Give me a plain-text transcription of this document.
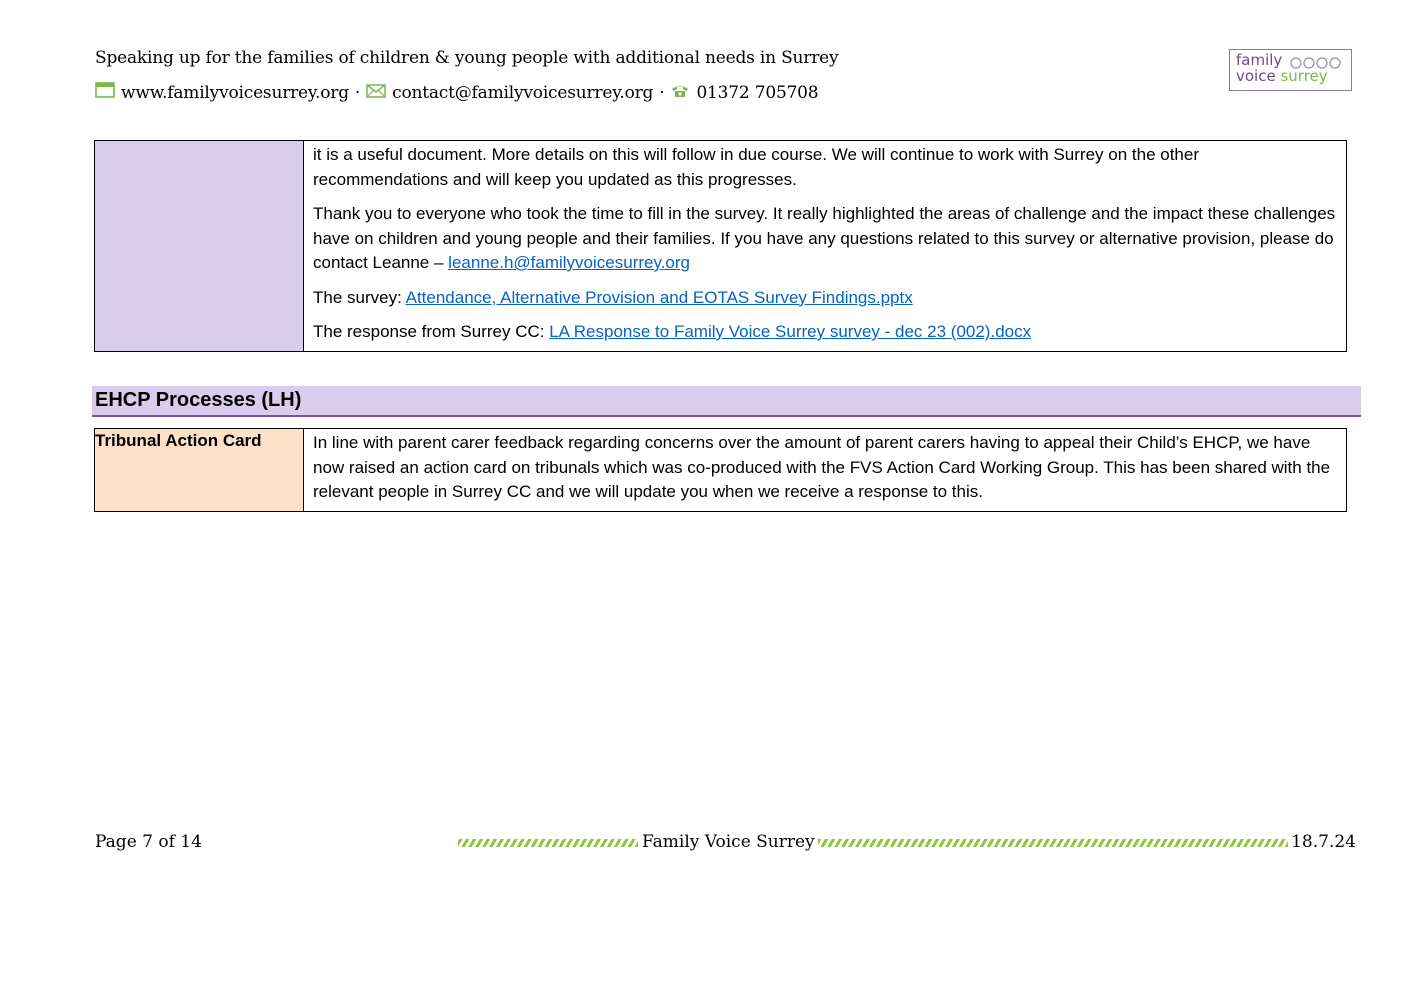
Speaking up for the families of children & young people with additional needs in Surrey
www.familyvoicesurrey.org · contact@familyvoicesurrey.org · 01372 705708
family
voice surrey

it is a useful document. More details on this will follow in due course. We will continue to work with Surrey on the other recommendations and will keep you updated as this progresses.

Thank you to everyone who took the time to fill in the survey. It really highlighted the areas of challenge and the impact these challenges have on children and young people and their families. If you have any questions related to this survey or alternative provision, please do contact Leanne – leanne.h@familyvoicesurrey.org

The survey: Attendance, Alternative Provision and EOTAS Survey Findings.pptx

The response from Surrey CC: LA Response to Family Voice Surrey survey - dec 23 (002).docx

EHCP Processes (LH)
Tribunal Action Card	In line with parent carer feedback regarding concerns over the amount of parent carers having to appeal their Child’s EHCP, we have now raised an action card on tribunals which was co-produced with the FVS Action Card Working Group. This has been shared with the relevant people in Surrey CC and we will update you when we receive a response to this.
Page 7 of 14	Family Voice Surrey	18.7.24
